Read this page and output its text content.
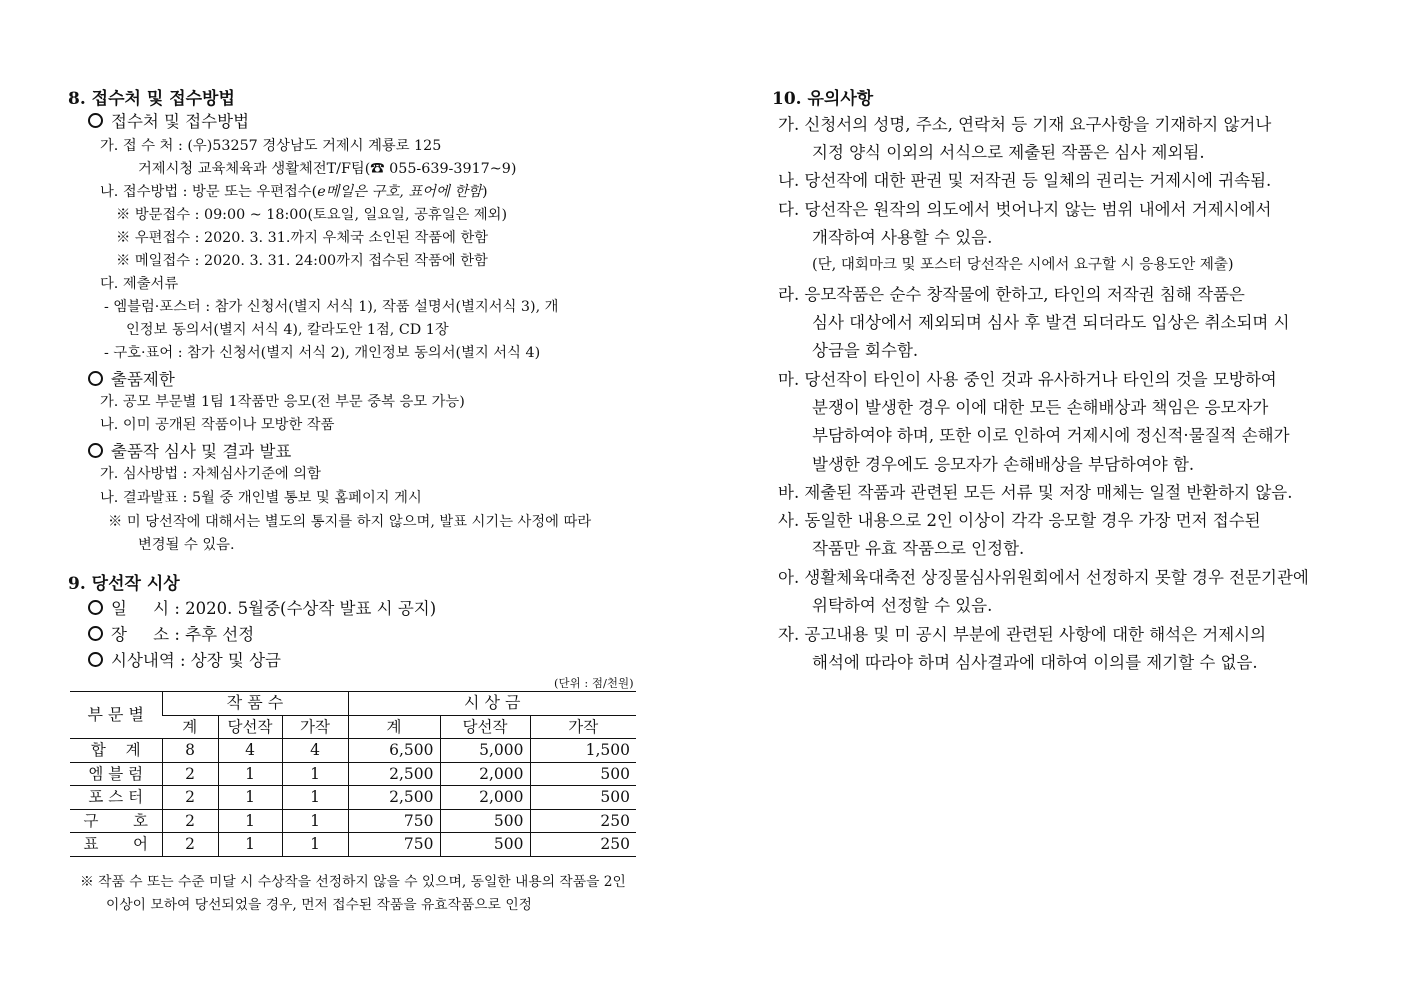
8. 접수처 및 접수방법
접수처 및 접수방법
가. 접 수 처 : (우)53257 경상남도 거제시 계룡로 125
거제시청 교육체육과 생활체전T/F팀(☎ 055-639-3917~9)
나. 접수방법 : 방문 또는 우편접수(e메일은 구호, 표어에 한함)
※ 방문접수 : 09:00 ~ 18:00(토요일, 일요일, 공휴일은 제외)
※ 우편접수 : 2020. 3. 31.까지 우체국 소인된 작품에 한함
※ 메일접수 : 2020. 3. 31. 24:00까지 접수된 작품에 한함
다. 제출서류
- 엠블럼·포스터 : 참가 신청서(별지 서식 1), 작품 설명서(별지서식 3), 개
인정보 동의서(별지 서식 4), 칼라도안 1점, CD 1장
- 구호·표어 : 참가 신청서(별지 서식 2), 개인정보 동의서(별지 서식 4)
출품제한
가. 공모 부문별 1팀 1작품만 응모(전 부문 중복 응모 가능)
나. 이미 공개된 작품이나 모방한 작품
출품작 심사 및 결과 발표
가. 심사방법 : 자체심사기준에 의함
나. 결과발표 : 5월 중 개인별 통보 및 홈페이지 게시
※ 미 당선작에 대해서는 별도의 통지를 하지 않으며, 발표 시기는 사정에 따라
변경될 수 있음.
9. 당선작 시상
일     시 : 2020. 5월중(수상작 발표 시 공지)
장     소 : 추후 선정
시상내역 : 상장 및 상금
(단위 : 점/천원)
부 문 별	작 품 수			시 상 금		
	계	당선작	가작	계	당선작	가작
합    계	8	4	4	6,500	5,000	1,500
엠 블 럼	2	1	1	2,500	2,000	500
포 스 터	2	1	1	2,500	2,000	500
구       호	2	1	1	750	500	250
표       어	2	1	1	750	500	250
※ 작품 수 또는 수준 미달 시 수상작을 선정하지 않을 수 있으며, 동일한 내용의 작품을 2인
이상이 모하여 당선되었을 경우, 먼저 접수된 작품을 유효작품으로 인정
10. 유의사항
가. 신청서의 성명, 주소, 연락처 등 기재 요구사항을 기재하지 않거나
지정 양식 이외의 서식으로 제출된 작품은 심사 제외됨.
나. 당선작에 대한 판권 및 저작권 등 일체의 권리는 거제시에 귀속됨.
다. 당선작은 원작의 의도에서 벗어나지 않는 범위 내에서 거제시에서
개작하여 사용할 수 있음.
(단, 대회마크 및 포스터 당선작은 시에서 요구할 시 응용도안 제출)
라. 응모작품은 순수 창작물에 한하고, 타인의 저작권 침해 작품은
심사 대상에서 제외되며 심사 후 발견 되더라도 입상은 취소되며 시
상금을 회수함.
마. 당선작이 타인이 사용 중인 것과 유사하거나 타인의 것을 모방하여
분쟁이 발생한 경우 이에 대한 모든 손해배상과 책임은 응모자가
부담하여야 하며, 또한 이로 인하여 거제시에 정신적·물질적 손해가
발생한 경우에도 응모자가 손해배상을 부담하여야 함.
바. 제출된 작품과 관련된 모든 서류 및 저장 매체는 일절 반환하지 않음.
사. 동일한 내용으로 2인 이상이 각각 응모할 경우 가장 먼저 접수된
작품만 유효 작품으로 인정함.
아. 생활체육대축전 상징물심사위원회에서 선정하지 못할 경우 전문기관에
위탁하여 선정할 수 있음.
자. 공고내용 및 미 공시 부분에 관련된 사항에 대한 해석은 거제시의
해석에 따라야 하며 심사결과에 대하여 이의를 제기할 수 없음.
